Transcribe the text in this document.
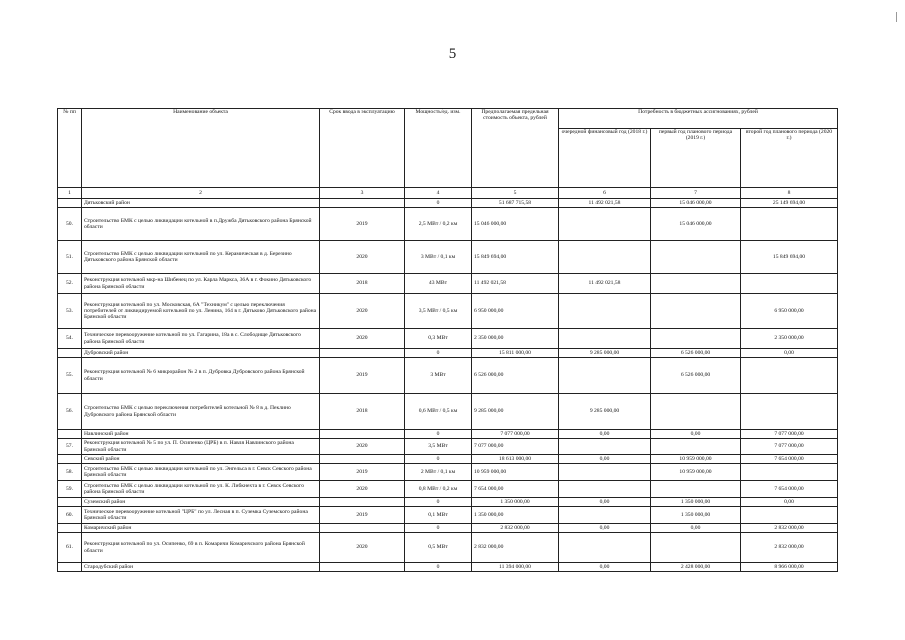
5
№ пп	Наименование объекта	Срок ввода в эксплуатацию	Мощность/ед. изм.	Предполагаемая предельная стоимость объекта, рублей	Потребность в бюджетных ассигнованиях, рублей		
					очередной финансовый год (2018 г.)	первый год планового периода (2019 г.)	второй год планового периода (2020 г.)
1	2	3	4	5	6	7	8
	Дятьковский район		0	51 687 715,58	11 492 021,58	15 046 000,00	25 149 694,00
50.	Строительство БМК с целью ликвидации котельной в п.Дружба Дятьковского района Брянской области	2019	2,5 МВт / 0,2 км	15 046 000,00		15 046 000,00	
51.	Строительство БМК с целью ликвидации котельной по ул. Керамическая в д. Березино Дятьковского района Брянской области	2020	3 МВт / 0,1 км	15 849 694,00			15 849 694,00
52.	Реконструкция котельной мкр-на Шибенец по ул. Карла Маркса, 36А в г. Фокино Дятьковского района Брянской области	2018	43 МВт	11 492 021,58	11 492 021,58		
53.	Реконструкция котельной по ул. Московская, 6А "Техникум" с целью переключения потребителей от ликвидируемой котельной по ул. Ленина, 164 в г. Дятьково Дятьковского района Брянской области	2020	3,5 МВт / 0,5 км	6 950 000,00			6 950 000,00
54.	Техническое перевооружение котельной по ул. Гагарина, 18а в с. Слободище Дятьковского района Брянской области	2020	0,3 МВт	2 350 000,00			2 350 000,00
	Дубровский район		0	15 811 000,00	9 285 000,00	6 526 000,00	0,00
55.	Реконструкция котельной № 6 микрорайон № 2 в п. Дубровка Дубровского района Брянской области	2019	3 МВт	6 526 000,00		6 526 000,00	
56.	Строительство БМК с целью переключения потребителей котельной № 8 в д. Пеклино Дубровского района Брянской области	2018	0,6 МВт / 0,5 км	9 285 000,00	9 285 000,00		
	Навлинский район		0	7 077 000,00	0,00	0,00	7 077 000,00
57.	Реконструкция котельной № 5 по ул. П. Осипенко (ЦРБ) в п. Навля Навлинского района Брянской области	2020	3,5 МВт	7 077 000,00			7 077 000,00
	Севский район		0	18 613 000,00	0,00	10 959 000,00	7 654 000,00
58.	Строительство БМК с целью ликвидации котельной по ул. Энгельса в г. Севск Севского района Брянской области	2019	2 МВт / 0,1 км	10 959 000,00		10 959 000,00	
59.	Строительство БМК с целью ликвидации котельной по ул. К. Либкнехта в г. Севск Севского района Брянской области	2020	0,8 МВт / 0,2 км	7 654 000,00			7 654 000,00
	Суземский район		0	1 350 000,00	0,00	1 350 000,00	0,00
60.	Техническое перевооружение котельной "ЦРБ" по ул. Лесная в п. Суземка Суземского района Брянской области	2019	0,1 МВт	1 350 000,00		1 350 000,00	
	Комаричский район		0	2 832 000,00	0,00	0,00	2 832 000,00
61.	Реконструкция котельной по ул. Осипенко, 69 в п. Комаричи Комаричского района Брянской области	2020	0,5 МВт	2 832 000,00			2 832 000,00
	Стародубский район		0	11 394 000,00	0,00	2 428 000,00	8 966 000,00
